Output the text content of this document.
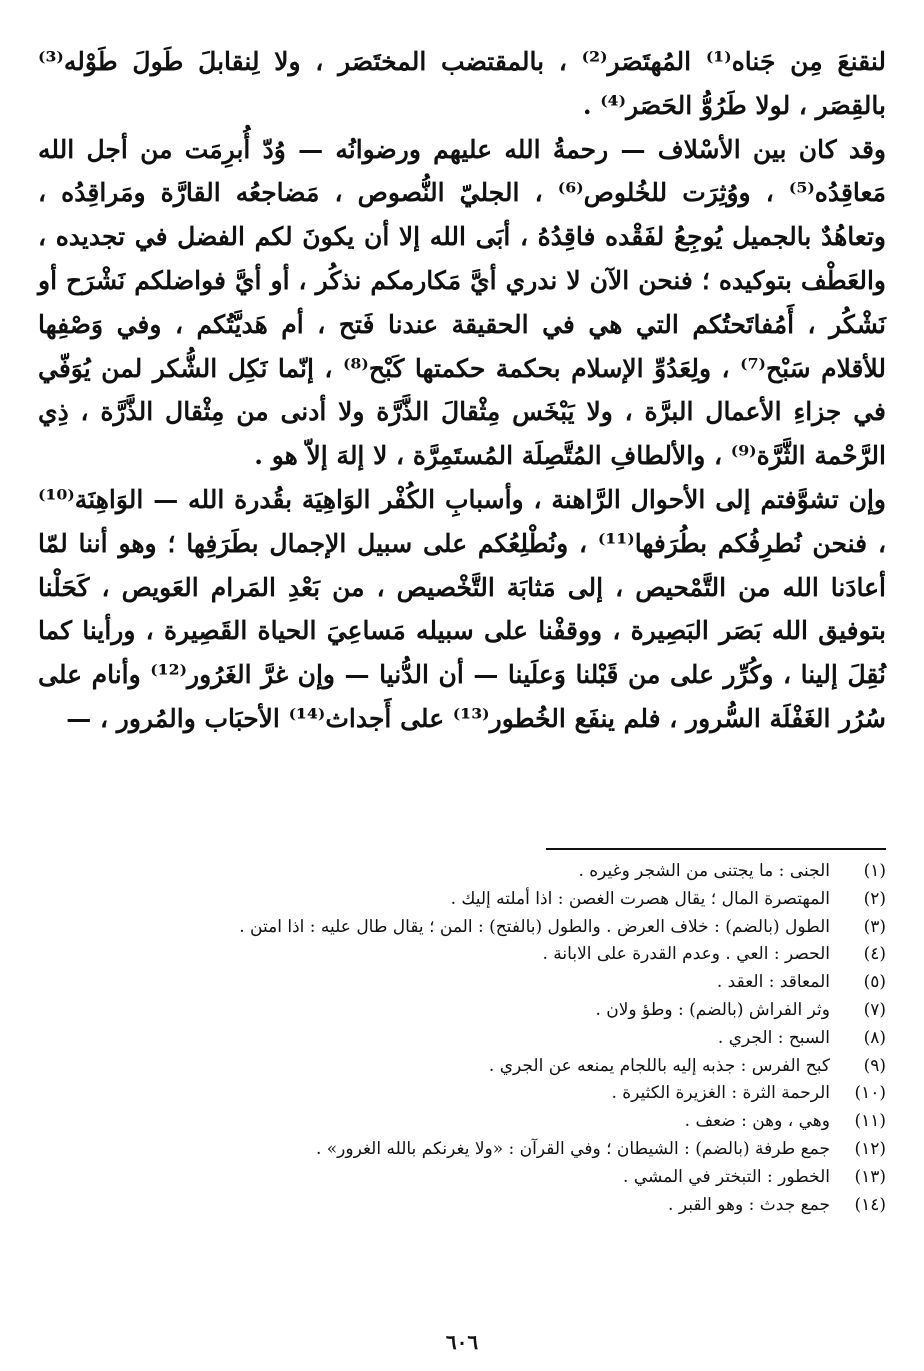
لنقنعَ مِن جَناه⁽¹⁾ المُهتَصَر⁽²⁾ ، بالمقتضب المختَصَر ، ولا لِنقابلَ طَولَ طَوْله⁽³⁾ بالقِصَر ، لولا طَرُوُّ الحَصَر⁽⁴⁾ .

وقد كان بين الأسْلاف — رحمةُ الله عليهم ورضوانُه — وُدّ أُبرِمَت من أجل الله مَعاقِدُه⁽⁵⁾ ، ووُثِرَت للخُلوص⁽⁶⁾ ، الجليّ النُّصوص ، مَضاجعُه القارَّة ومَراقِدُه ، وتعاهُدٌ بالجميل يُوجِعُ لفَقْده فاقِدُهُ ، أبَى الله إلا أن يكونَ لكم الفضل في تجديده ، والعَطْف بتوكيده ؛ فنحن الآن لا ندري أيَّ مَكارمكم نذكُر ، أو أيَّ فواضلكم نَشْرَح أو نَشْكُر ، أَمُفاتَحتُكم التي هي في الحقيقة عندنا فَتح ، أم هَديَّتُكم ، وفي وَصْفِها للأقلام سَبْح⁽⁷⁾ ، ولِعَدُوِّ الإسلام بحكمة حكمتها كَبْح⁽⁸⁾ ، إنّما نَكِل الشُّكر لمن يُوَفّي في جزاءِ الأعمال البرَّة ، ولا يَبْخَس مِثْقالَ الذَّرَّة ولا أدنى من مِثْقال الذَّرَّة ، ذِي الرَّحْمة الثَّرَّة⁽⁹⁾ ، والألطافِ المُتَّصِلَة المُستَمِرَّة ، لا إلهَ إلاّ هو .

وإن تشوَّفتم إلى الأحوال الرَّاهنة ، وأسبابِ الكُفْر الوَاهِيَة بقُدرة الله — الوَاهِنَة⁽¹⁰⁾ ، فنحن نُطرِفُكم بطُرَفها⁽¹¹⁾ ، ونُطْلِعُكم على سبيل الإجمال بطَرَفِها ؛ وهو أننا لمّا أعادَنا الله من التَّمْحيص ، إلى مَثابَة التَّخْصيص ، من بَعْدِ المَرام العَويص ، كَحَلْنا بتوفيق الله بَصَر البَصِيرة ، ووقفْنا على سبيله مَساعِيَ الحياة القَصِيرة ، ورأينا كما نُقِلَ إلينا ، وكُرِّر على من قَبْلنا وَعلَينا — أن الدُّنيا — وإن غرَّ الغَرُور⁽¹²⁾ وأنام على سُرُر الغَفْلَة السُّرور ، فلم ينفَع الخُطور⁽¹³⁾ على أَجداث⁽¹⁴⁾ الأحبَاب والمُرور ، —

(١)
الجنى : ما يجتنى من الشجر وغيره .
(٢)
المهتصرة المال ؛ يقال هصرت الغصن : اذا أملته إليك .
(٣)
الطول (بالضم) : خلاف العرض . والطول (بالفتح) : المن ؛ يقال طال عليه : اذا امتن .
(٤)
الحصر : العي . وعدم القدرة على الابانة .
(٥)
المعاقد : العقد .
(٧)
وثر الفراش (بالضم) : وطؤ ولان .
(٨)
السبح : الجري .
(٩)
كبح الفرس : جذبه إليه باللجام يمنعه عن الجري .
(١٠)
الرحمة الثرة : الغزيرة الكثيرة .
(١١)
وهي ، وهن : ضعف .
(١٢)
جمع طرفة (بالضم) : الشيطان ؛ وفي القرآن : «ولا يغرنكم بالله الغرور» .
(١٣)
الخطور : التبختر في المشي .
(١٤)
جمع جدث : وهو القبر .
٦٠٦
